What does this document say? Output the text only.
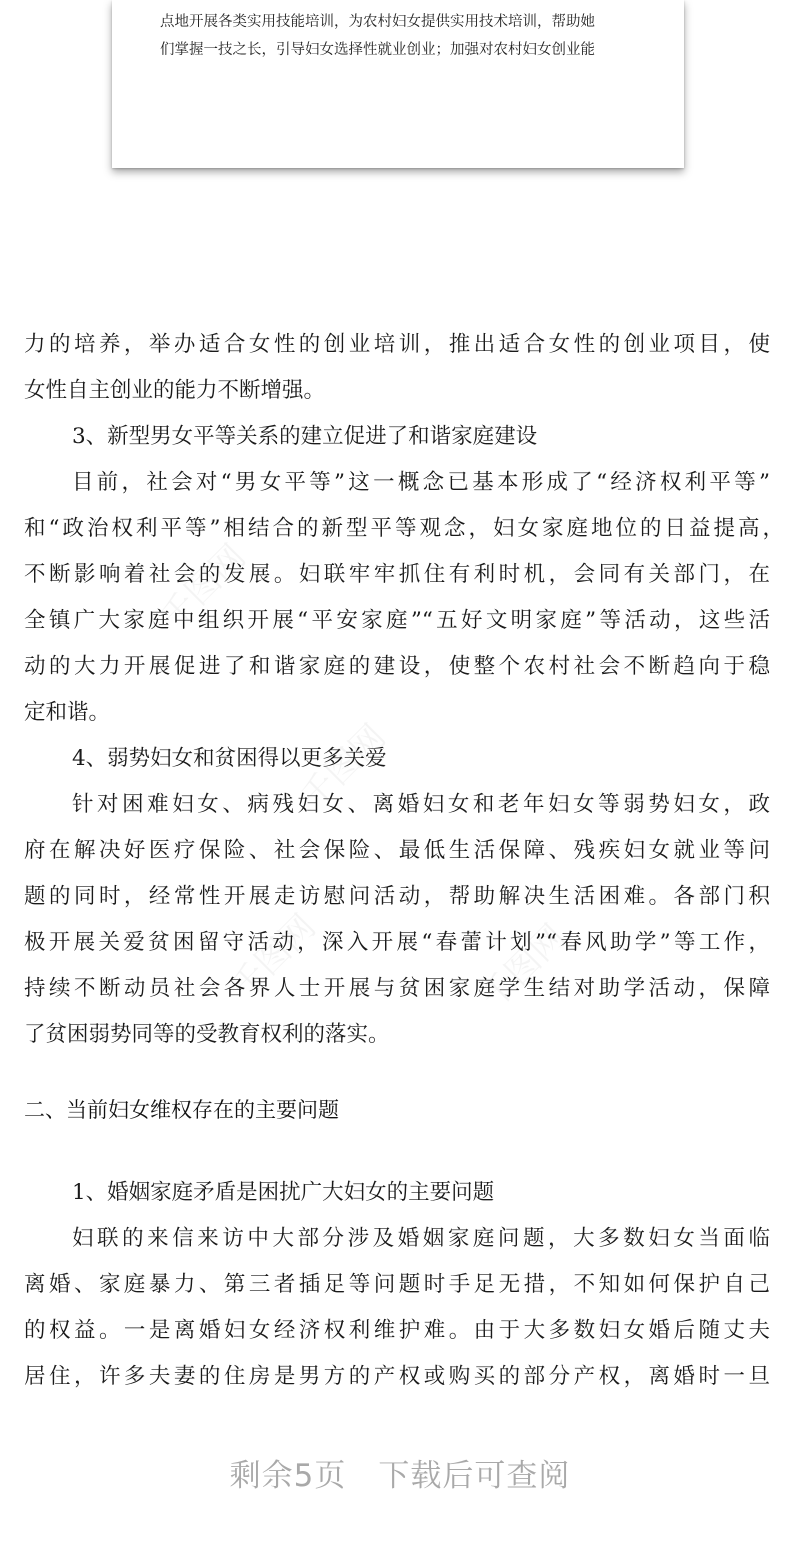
点地开展各类实用技能培训，为农村妇女提供实用技术培训，帮助她
们掌握一技之长，引导妇女选择性就业创业；加强对农村妇女创业能
力的培养，举办适合女性的创业培训，推出适合女性的创业项目，使
女性自主创业的能力不断增强。
3、新型男女平等关系的建立促进了和谐家庭建设
目前，社会对“男女平等”这一概念已基本形成了“经济权利平等”
和“政治权利平等”相结合的新型平等观念，妇女家庭地位的日益提高，
不断影响着社会的发展。妇联牢牢抓住有利时机，会同有关部门，在
全镇广大家庭中组织开展“平安家庭”“五好文明家庭”等活动，这些活
动的大力开展促进了和谐家庭的建设，使整个农村社会不断趋向于稳
定和谐。
4、弱势妇女和贫困得以更多关爱
针对困难妇女、病残妇女、离婚妇女和老年妇女等弱势妇女，政
府在解决好医疗保险、社会保险、最低生活保障、残疾妇女就业等问
题的同时，经常性开展走访慰问活动，帮助解决生活困难。各部门积
极开展关爱贫困留守活动，深入开展“春蕾计划”“春风助学”等工作，
持续不断动员社会各界人士开展与贫困家庭学生结对助学活动，保障
了贫困弱势同等的受教育权利的落实。
二、当前妇女维权存在的主要问题
1、婚姻家庭矛盾是困扰广大妇女的主要问题
妇联的来信来访中大部分涉及婚姻家庭问题，大多数妇女当面临
离婚、家庭暴力、第三者插足等问题时手足无措，不知如何保护自己
的权益。一是离婚妇女经济权利维护难。由于大多数妇女婚后随丈夫
居住，许多夫妻的住房是男方的产权或购买的部分产权，离婚时一旦
剩余5页 下载后可查阅
